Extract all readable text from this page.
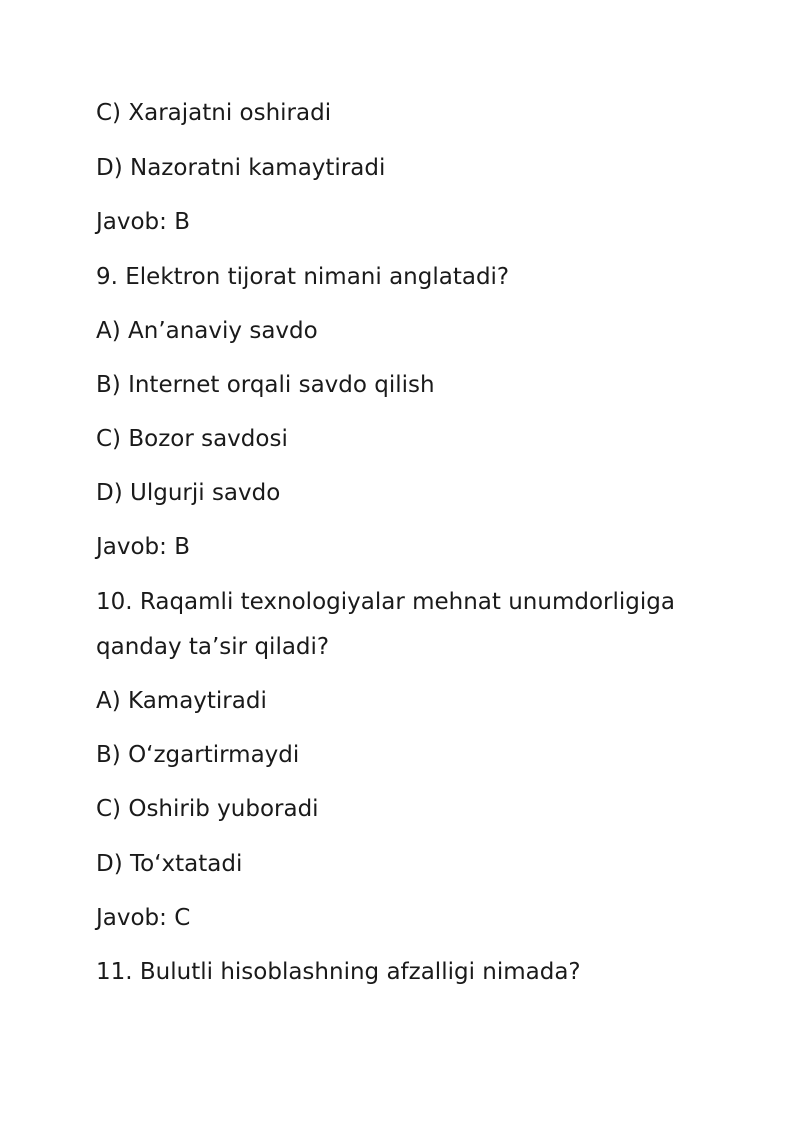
C) Xarajatni oshiradi

D) Nazoratni kamaytiradi

Javob: B

9. Elektron tijorat nimani anglatadi?

A) An’anaviy savdo

B) Internet orqali savdo qilish

C) Bozor savdosi

D) Ulgurji savdo

Javob: B

10. Raqamli texnologiyalar mehnat unumdorligiga

qanday ta’sir qiladi?

A) Kamaytiradi

B) O‘zgartirmaydi

C) Oshirib yuboradi

D) To‘xtatadi

Javob: C

11. Bulutli hisoblashning afzalligi nimada?
